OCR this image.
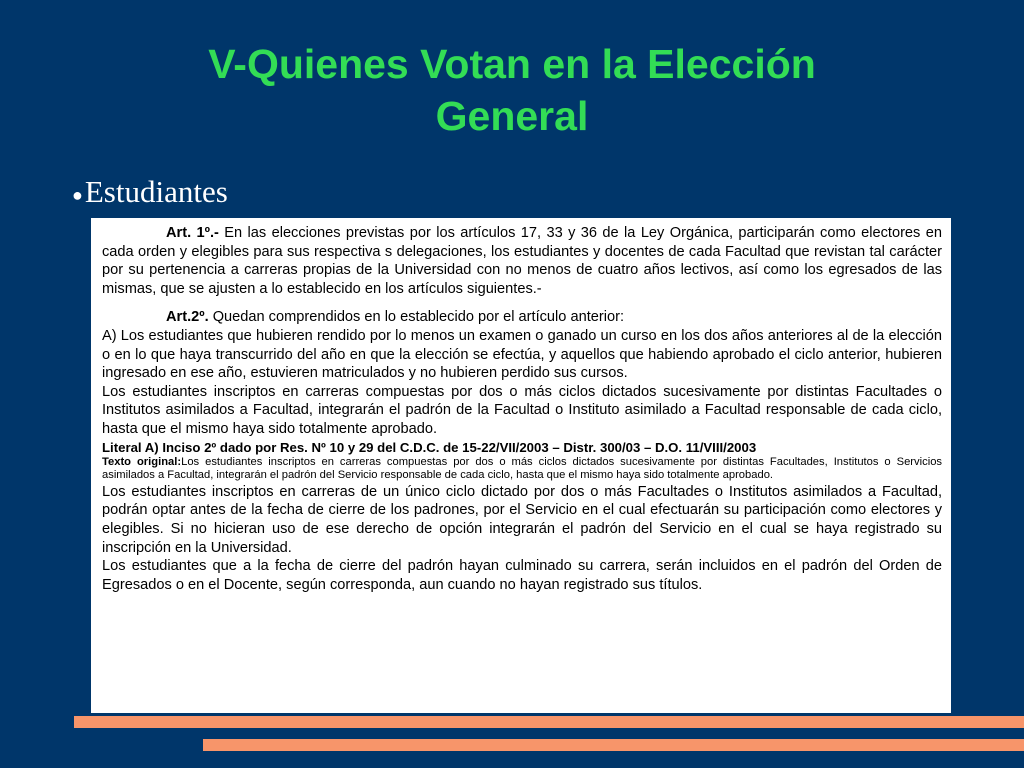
V-Quienes Votan en la Elección
General
●Estudiantes

Art. 1º.- En las elecciones previstas por los artículos 17, 33 y 36 de la Ley Orgánica, participarán como electores en cada orden y elegibles para sus respectiva s delegaciones, los estudiantes y docentes de cada Facultad que revistan tal carácter por su pertenencia a carreras propias de la Universidad con no menos de cuatro años lectivos, así como los egresados de las mismas, que se ajusten a lo establecido en los artículos siguientes.-

Art.2º. Quedan comprendidos en lo establecido por el artículo anterior:

A) Los estudiantes que hubieren rendido por lo menos un examen o ganado un curso en los dos años anteriores al de la elección o en lo que haya transcurrido del año en que la elección se efectúa, y aquellos que habiendo aprobado el ciclo anterior, hubieren ingresado en ese año, estuvieren matriculados y no hubieren perdido sus cursos.

Los estudiantes inscriptos en carreras compuestas por dos o más ciclos dictados sucesivamente por distintas Facultades o Institutos asimilados a Facultad, integrarán el padrón de la Facultad o Instituto asimilado a Facultad responsable de cada ciclo, hasta que el mismo haya sido totalmente aprobado.

Literal A) Inciso 2º dado por Res. Nº 10 y 29 del C.D.C. de 15-22/VII/2003 – Distr. 300/03 – D.O. 11/VIII/2003

Texto original:Los estudiantes inscriptos en carreras compuestas por dos o más ciclos dictados sucesivamente por distintas Facultades, Institutos o Servicios asimilados a Facultad, integrarán el padrón del Servicio responsable de cada ciclo, hasta que el mismo haya sido totalmente aprobado.

Los estudiantes inscriptos en carreras de un único ciclo dictado por dos o más Facultades o Institutos asimilados a Facultad, podrán optar antes de la fecha de cierre de los padrones, por el Servicio en el cual efectuarán su participación como electores y elegibles. Si no hicieran uso de ese derecho de opción integrarán el padrón del Servicio en el cual se haya registrado su inscripción en la Universidad.

Los estudiantes que a la fecha de cierre del padrón hayan culminado su carrera, serán incluidos en el padrón del Orden de Egresados o en el Docente, según corresponda, aun cuando no hayan registrado sus títulos.
